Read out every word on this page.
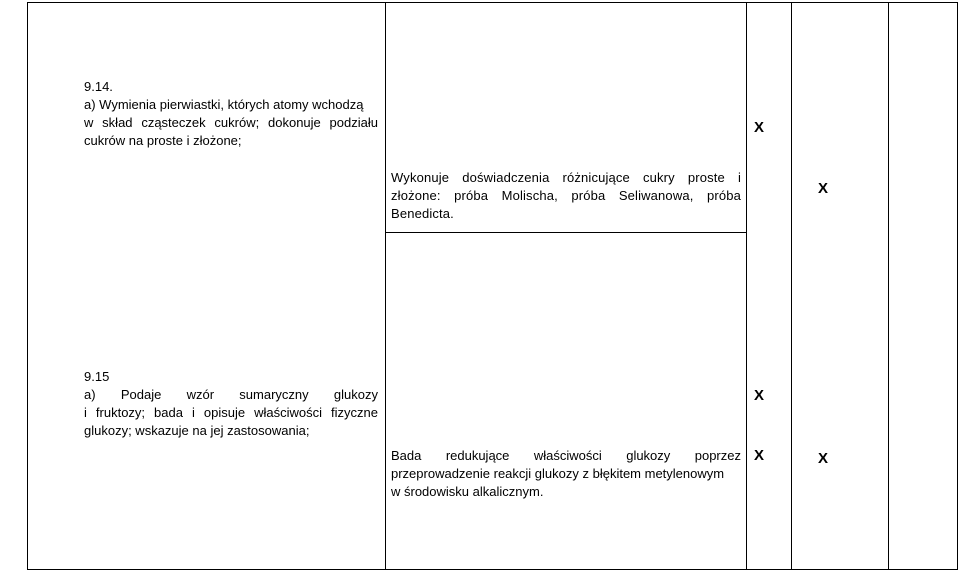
9.14.
a) Wymienia pierwiastki, których atomy wchodzą
w skład cząsteczek cukrów; dokonuje podziału
cukrów na proste i złożone;
X
Wykonuje doświadczenia różnicujące cukry proste i
złożone: próba Molischa, próba Seliwanowa, próba
Benedicta.
X
9.15
a) Podaje wzór sumaryczny glukozy
i fruktozy; bada i opisuje właściwości fizyczne
glukozy; wskazuje na jej zastosowania;
X
Bada redukujące właściwości glukozy poprzez
przeprowadzenie reakcji glukozy z błękitem metylenowym
w środowisku alkalicznym.
X	X
